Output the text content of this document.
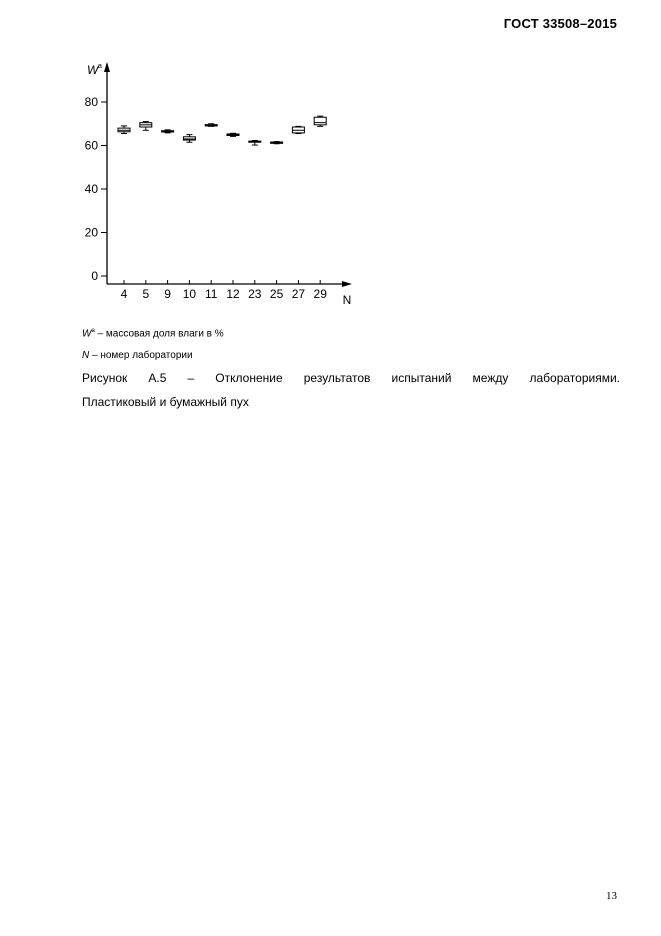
ГОСТ 33508–2015
W a
0
20
40
60
80
N
4 5 9 10 11 12 23 25 27 29
$W^a$ – массовая доля влаги в %
N – номер лаборатории
Рисунок А.5 – Отклонение результатов испытаний между лабораториями.
Пластиковый и бумажный пух
13
